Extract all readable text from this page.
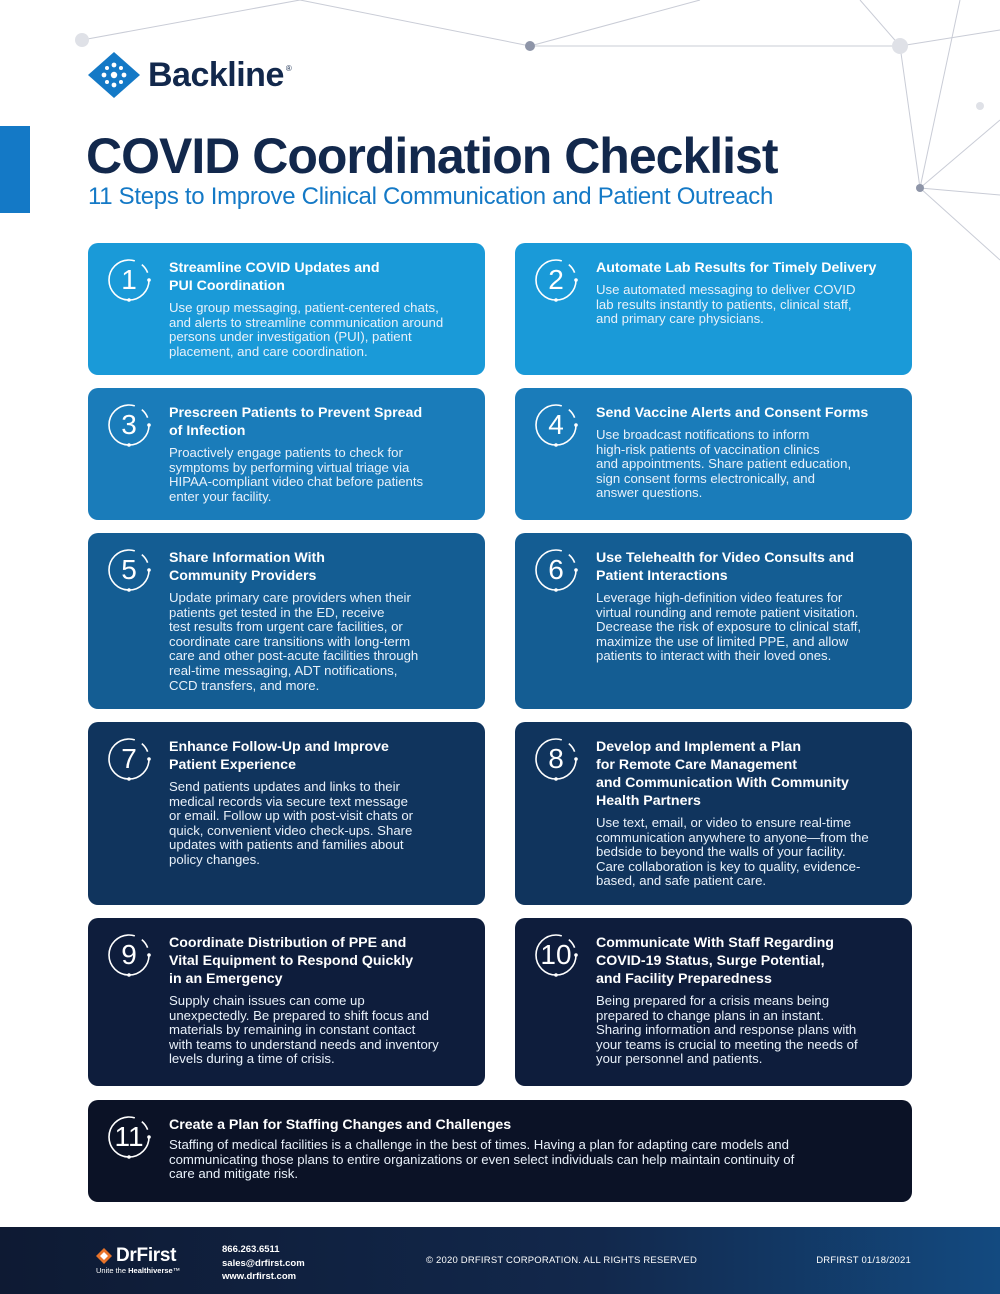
Backline ®
COVID Coordination Checklist
11 Steps to Improve Clinical Communication and Patient Outreach
1 Streamline COVID Updates and
PUI Coordination
Use group messaging, patient-centered chats,
and alerts to streamline communication around
persons under investigation (PUI), patient
placement, and care coordination.
2 Automate Lab Results for Timely Delivery
Use automated messaging to deliver COVID
lab results instantly to patients, clinical staff,
and primary care physicians.
3 Prescreen Patients to Prevent Spread
of Infection
Proactively engage patients to check for
symptoms by performing virtual triage via
HIPAA-compliant video chat before patients
enter your facility.
4 Send Vaccine Alerts and Consent Forms
Use broadcast notifications to inform
high-risk patients of vaccination clinics
and appointments. Share patient education,
sign consent forms electronically, and
answer questions.
5 Share Information With
Community Providers
Update primary care providers when their
patients get tested in the ED, receive
test results from urgent care facilities, or
coordinate care transitions with long-term
care and other post-acute facilities through
real-time messaging, ADT notifications,
CCD transfers, and more.
6 Use Telehealth for Video Consults and
Patient Interactions
Leverage high-definition video features for
virtual rounding and remote patient visitation.
Decrease the risk of exposure to clinical staff,
maximize the use of limited PPE, and allow
patients to interact with their loved ones.
7 Enhance Follow-Up and Improve
Patient Experience
Send patients updates and links to their
medical records via secure text message
or email. Follow up with post-visit chats or
quick, convenient video check-ups. Share
updates with patients and families about
policy changes.
8 Develop and Implement a Plan
for Remote Care Management
and Communication With Community
Health Partners
Use text, email, or video to ensure real-time
communication anywhere to anyone—from the
bedside to beyond the walls of your facility.
Care collaboration is key to quality, evidence-
based, and safe patient care.
9 Coordinate Distribution of PPE and
Vital Equipment to Respond Quickly
in an Emergency
Supply chain issues can come up
unexpectedly. Be prepared to shift focus and
materials by remaining in constant contact
with teams to understand needs and inventory
levels during a time of crisis.
10 Communicate With Staff Regarding
COVID-19 Status, Surge Potential,
and Facility Preparedness
Being prepared for a crisis means being
prepared to change plans in an instant.
Sharing information and response plans with
your teams is crucial to meeting the needs of
your personnel and patients.
11 Create a Plan for Staffing Changes and Challenges
Staffing of medical facilities is a challenge in the best of times. Having a plan for adapting care models and
communicating those plans to entire organizations or even select individuals can help maintain continuity of
care and mitigate risk.
DrFirst
Unite the Healthiverse™
866.263.6511
sales@drfirst.com
www.drfirst.com
© 2020 DRFIRST CORPORATION. ALL RIGHTS RESERVED	DRFIRST 01/18/2021
